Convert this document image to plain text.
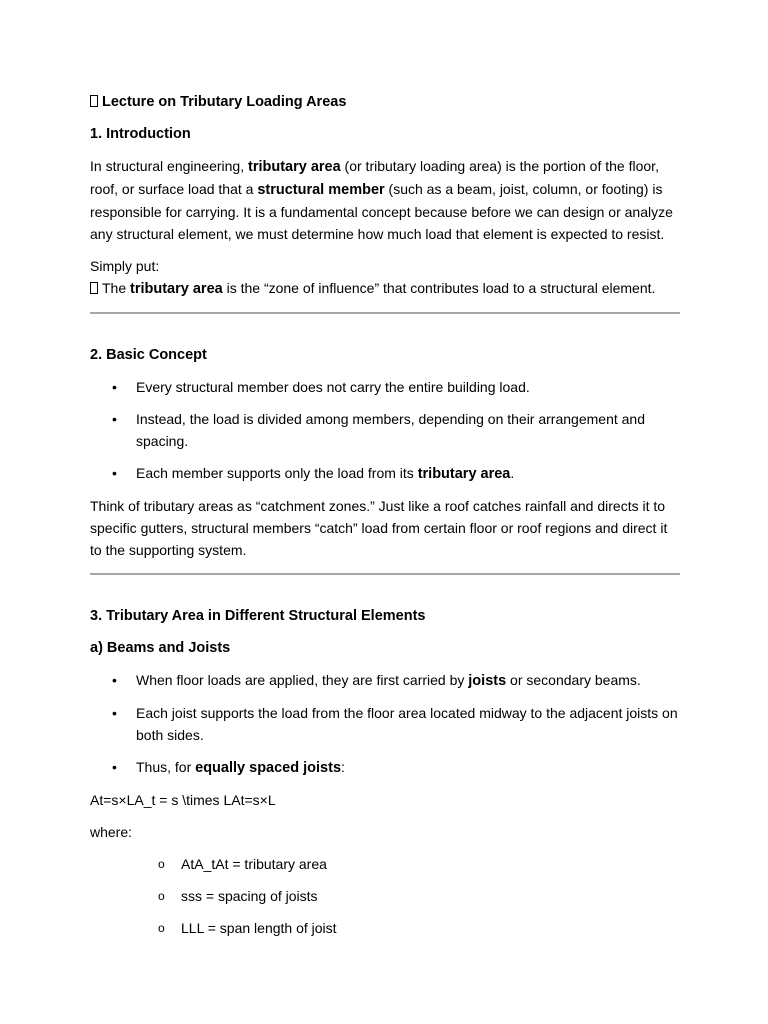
Lecture on Tributary Loading Areas

1. Introduction

In structural engineering, tributary area (or tributary loading area) is the portion of the floor, roof, or surface load that a structural member (such as a beam, joist, column, or footing) is responsible for carrying. It is a fundamental concept because before we can design or analyze any structural element, we must determine how much load that element is expected to resist.

Simply put:

The tributary area is the “zone of influence” that contributes load to a structural element.

2. Basic Concept

• Every structural member does not carry the entire building load.
• Instead, the load is divided among members, depending on their arrangement and spacing.
• Each member supports only the load from its tributary area.

Think of tributary areas as “catchment zones.” Just like a roof catches rainfall and directs it to specific gutters, structural members “catch” load from certain floor or roof regions and direct it to the supporting system.

3. Tributary Area in Different Structural Elements

a) Beams and Joists

• When floor loads are applied, they are first carried by joists or secondary beams.
• Each joist supports the load from the floor area located midway to the adjacent joists on both sides.
• Thus, for equally spaced joists:

At=s×LA_t = s \times LAt=s×L

where:

o AtA_tAt = tributary area
o sss = spacing of joists
o LLL = span length of joist
